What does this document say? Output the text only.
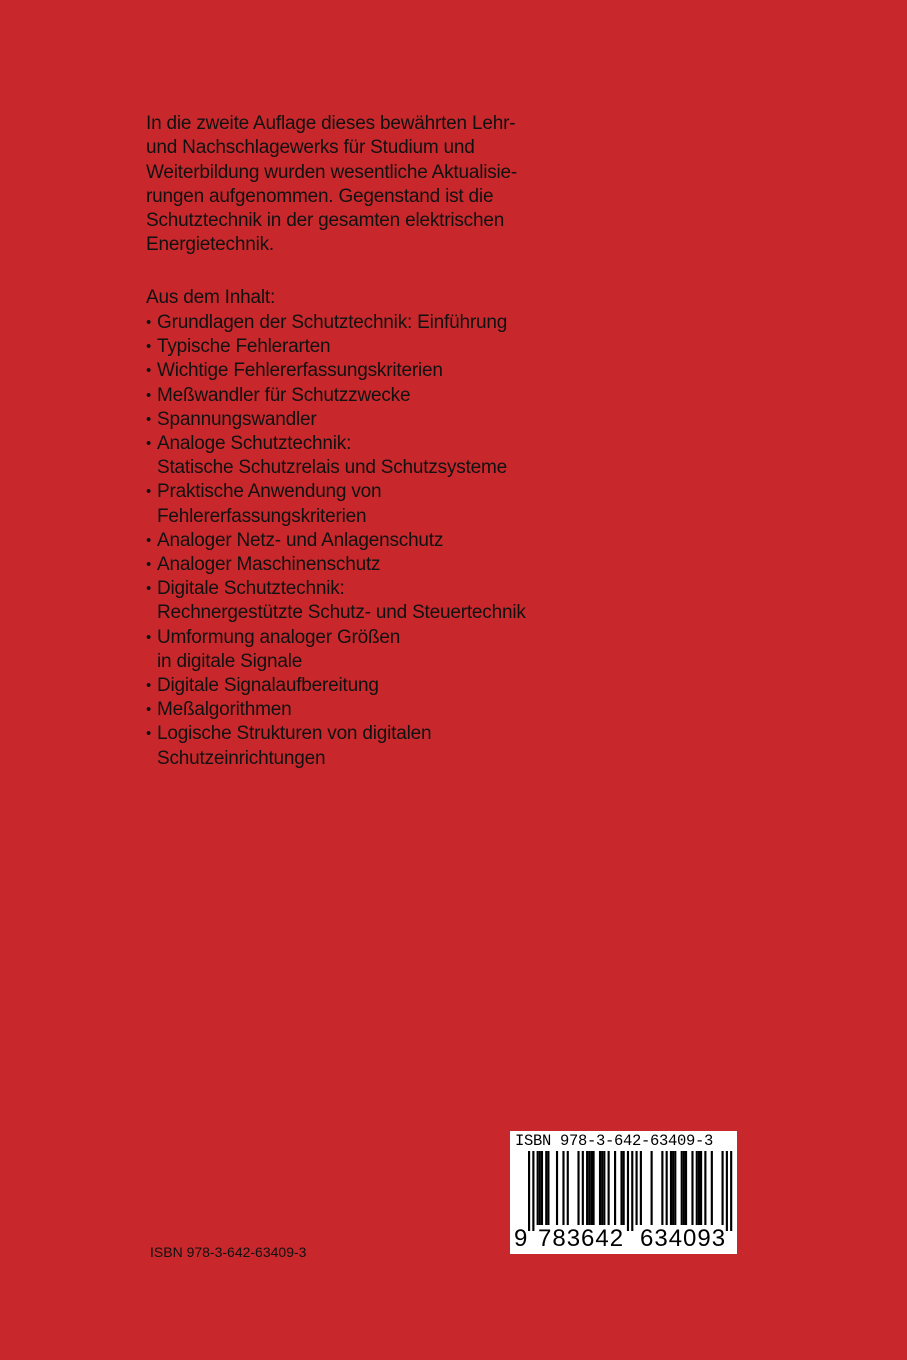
In die zweite Auflage dieses bewährten Lehr-
und Nachschlagewerks für Studium und
Weiterbildung wurden wesentliche Aktualisie-
rungen aufgenommen. Gegenstand ist die
Schutztechnik in der gesamten elektrischen
Energietechnik.
Aus dem Inhalt:
• Grundlagen der Schutztechnik: Einführung
• Typische Fehlerarten
• Wichtige Fehlererfassungskriterien
• Meßwandler für Schutzzwecke
• Spannungswandler
• Analoge Schutztechnik:
Statische Schutzrelais und Schutzsysteme
• Praktische Anwendung von
Fehlererfassungskriterien
• Analoger Netz- und Anlagenschutz
• Analoger Maschinenschutz
• Digitale Schutztechnik:
Rechnergestützte Schutz- und Steuertechnik
• Umformung analoger Größen
in digitale Signale
• Digitale Signalaufbereitung
• Meßalgorithmen
• Logische Strukturen von digitalen
Schutzeinrichtungen
ISBN 978-3-642-63409-3
9 783642 634093
ISBN 978-3-642-63409-3
